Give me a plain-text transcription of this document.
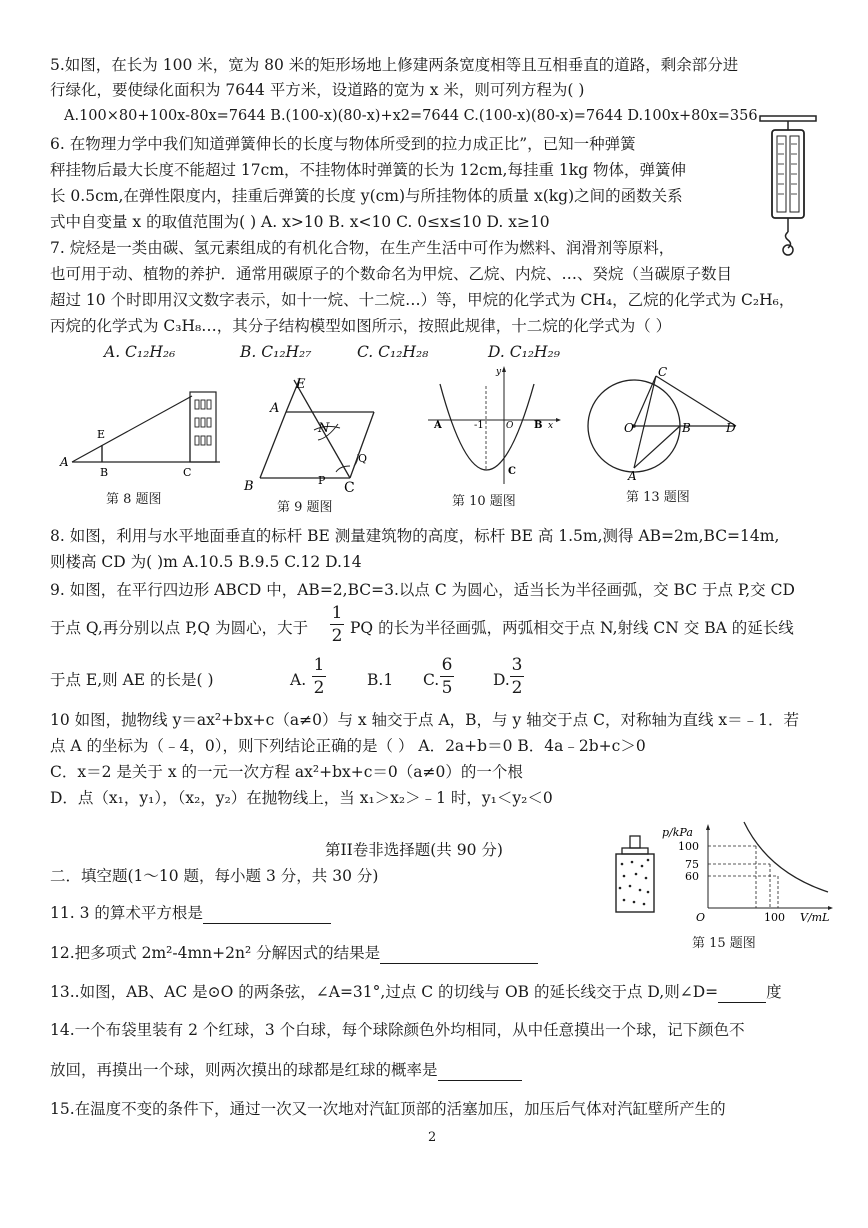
5.如图，在长为 100 米，宽为 80 米的矩形场地上修建两条宽度相等且互相垂直的道路，剩余部分进
行绿化，要使绿化面积为 7644 平方米，设道路的宽为 x 米，则可列方程为( )
A.100×80+100x-80x=7644 B.(100-x)(80-x)+x2=7644 C.(100-x)(80-x)=7644 D.100x+80x=356
6. 在物理力学中我们知道弹簧伸长的长度与物体所受到的拉力成正比”，已知一种弹簧
秤挂物后最大长度不能超过 17cm，不挂物体时弹簧的长为 12cm,每挂重 1kg 物体，弹簧伸
长 0.5cm,在弹性限度内，挂重后弹簧的长度 y(cm)与所挂物体的质量 x(kg)之间的函数关系
式中自变量 x 的取值范围为( ) A. x>10 B. x<10 C. 0≤x≤10 D. x≥10
7. 烷烃是一类由碳、氢元素组成的有机化合物，在生产生活中可作为燃料、润滑剂等原料，
也可用于动、植物的养护．通常用碳原子的个数命名为甲烷、乙烷、内烷、…、癸烷（当碳原子数目
超过 10 个时即用汉文数字表示，如十一烷、十二烷…）等，甲烷的化学式为 CH₄，乙烷的化学式为 C₂H₆，
丙烷的化学式为 C₃H₈…，其分子结构模型如图所示，按照此规律，十二烷的化学式为（ ）
A. C₁₂H₂₆	B. C₁₂H₂₇	C. C₁₂H₂₈	D. C₁₂H₂₉
A
E
B	C
第 8 题图
B
A
E
N
P C
Q
第 9 题图
A	-1 O B x
y
C
第 10 题图
C
O	B	D
A
第 13 题图
8. 如图，利用与水平地面垂直的标杆 BE 测量建筑物的高度，标杆 BE 高 1.5m,测得 AB=2m,BC=14m,
则楼高 CD 为( )m A.10.5 B.9.5 C.12 D.14
9. 如图，在平行四边形 ABCD 中，AB=2,BC=3.以点 C 为圆心，适当长为半径画弧，交 BC 于点 P,交 CD
于点 Q,再分别以点 P,Q 为圆心，大于
1
2 PQ 的长为半径画弧，两弧相交于点 N,射线 CN 交 BA 的延长线
于点 E,则 AE 的长是( )	A.
1
2	B.1 C.
6
5	D.
3
2
10 如图，抛物线 y＝ax²+bx+c（a≠0）与 x 轴交于点 A，B，与 y 轴交于点 C，对称轴为直线 x＝﹣1．若
点 A 的坐标为（﹣4，0），则下列结论正确的是（ ） A．2a+b＝0 B．4a﹣2b+c＞0
C．x＝2 是关于 x 的一元一次方程 ax²+bx+c＝0（a≠0）的一个根
D．点（x₁，y₁），（x₂，y₂）在抛物线上，当 x₁＞x₂＞﹣1 时，y₁＜y₂＜0
第II卷非选择题(共 90 分)
二．填空题(1～10 题，每小题 3 分，共 30 分)
p/kPa
100
75
60
O	100 V/mL
第 15 题图
11. 3 的算术平方根是
12.把多项式 2m²-4mn+2n² 分解因式的结果是
13..如图，AB、AC 是⊙O 的两条弦，∠A=31°,过点 C 的切线与 OB 的延长线交于点 D,则∠D=	度
14.一个布袋里装有 2 个红球，3 个白球，每个球除颜色外均相同，从中任意摸出一个球，记下颜色不
放回，再摸出一个球，则两次摸出的球都是红球的概率是
15.在温度不变的条件下，通过一次又一次地对汽缸顶部的活塞加压，加压后气体对汽缸壁所产生的
2
